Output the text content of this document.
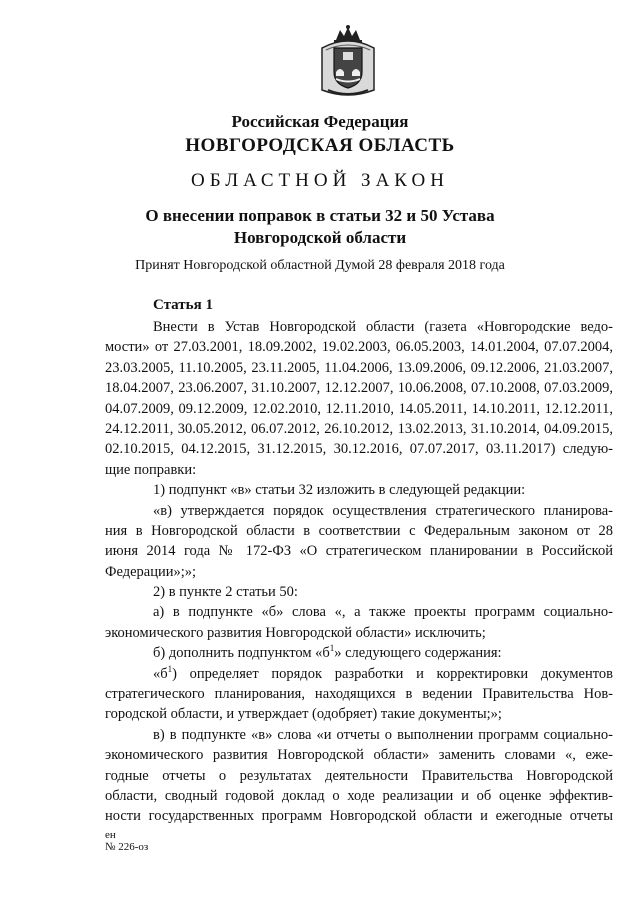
Российская Федерация
НОВГОРОДСКАЯ ОБЛАСТЬ
ОБЛАСТНОЙ ЗАКОН
О внесении поправок в статьи 32 и 50 Устава
Новгородской области
Принят Новгородской областной Думой 28 февраля 2018 года
Статья 1
Внести в Устав Новгородской области (газета «Новгородские ведо-
мости» от 27.03.2001, 18.09.2002, 19.02.2003, 06.05.2003, 14.01.2004, 07.07.2004,
23.03.2005, 11.10.2005, 23.11.2005, 11.04.2006, 13.09.2006, 09.12.2006, 21.03.2007,
18.04.2007, 23.06.2007, 31.10.2007, 12.12.2007, 10.06.2008, 07.10.2008, 07.03.2009,
04.07.2009, 09.12.2009, 12.02.2010, 12.11.2010, 14.05.2011, 14.10.2011, 12.12.2011,
24.12.2011, 30.05.2012, 06.07.2012, 26.10.2012, 13.02.2013, 31.10.2014, 04.09.2015,
02.10.2015, 04.12.2015, 31.12.2015, 30.12.2016, 07.07.2017, 03.11.2017) следую-
щие поправки:
1) подпункт «в» статьи 32 изложить в следующей редакции:
«в) утверждается порядок осуществления стратегического планирова-
ния в Новгородской области в соответствии с Федеральным законом от 28
июня 2014 года № 172-ФЗ «О стратегическом планировании в Российской
Федерации»;»;
2) в пункте 2 статьи 50:
а) в подпункте «б» слова «, а также проекты программ социально-
экономического развития Новгородской области» исключить;
б) дополнить подпунктом «$б^1$» следующего содержания:
«$б^1$) определяет порядок разработки и корректировки документов
стратегического планирования, находящихся в ведении Правительства Нов-
городской области, и утверждает (одобряет) такие документы;»;
в) в подпункте «в» слова «и отчеты о выполнении программ социально-
экономического развития Новгородской области» заменить словами «, еже-
годные отчеты о результатах деятельности Правительства Новгородской
области, сводный годовой доклад о ходе реализации и об оценке эффектив-
ности государственных программ Новгородской области и ежегодные отчеты
ен
№ 226-оз
